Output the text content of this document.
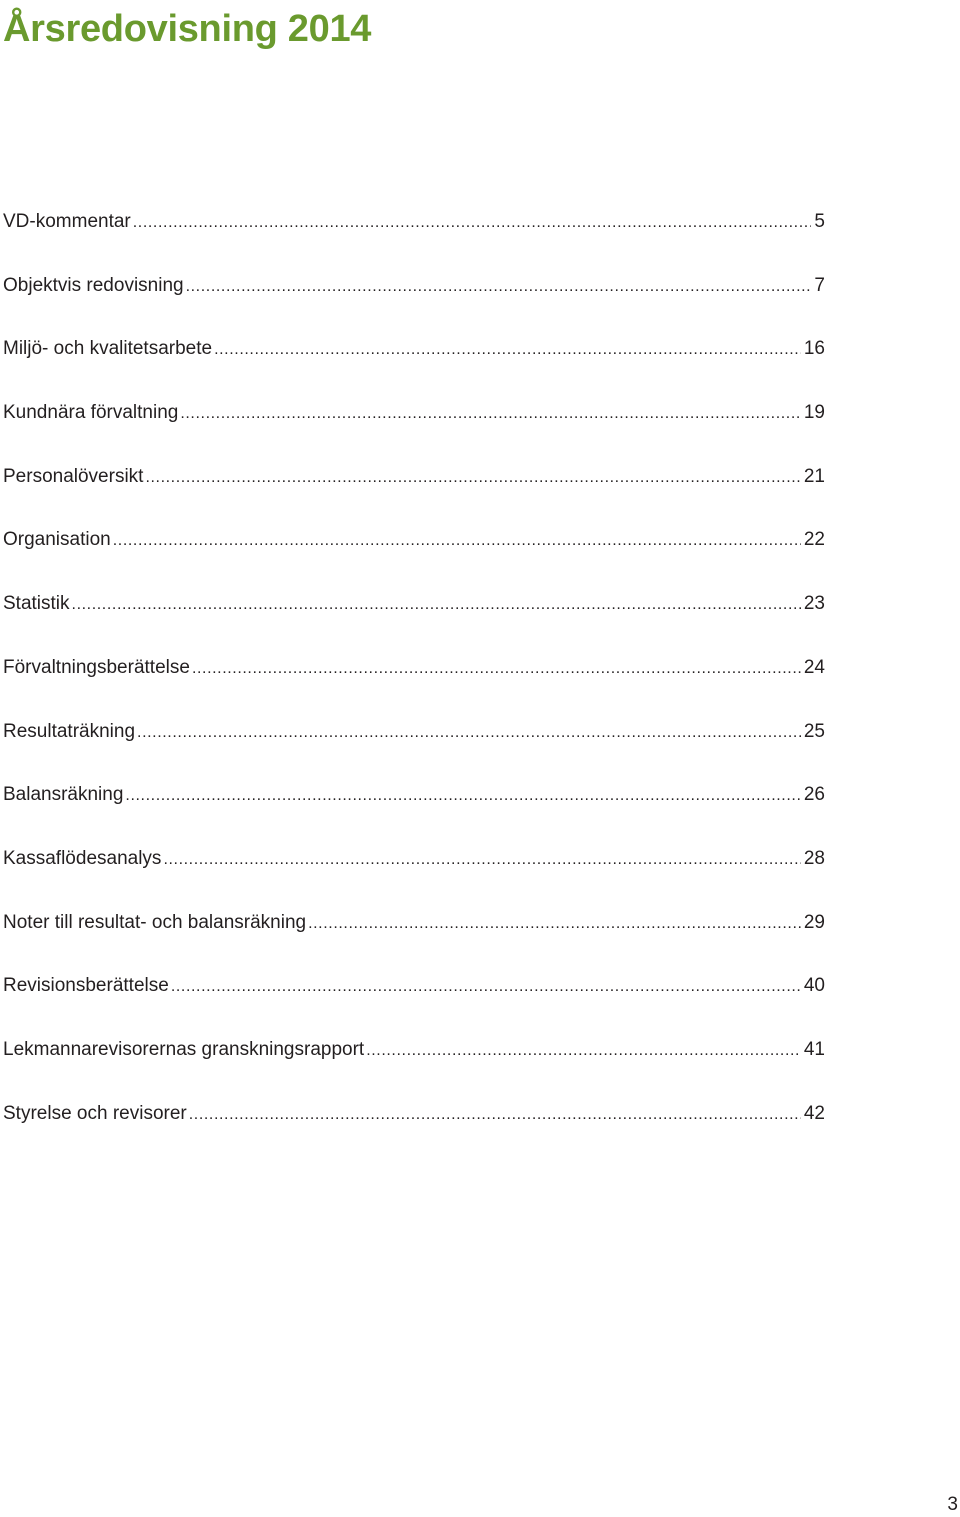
Årsredovisning 2014
VD-kommentar .....	5
Objektvis redovisning .....	7
Miljö- och kvalitetsarbete .....	16
Kundnära förvaltning .....	19
Personalöversikt .....	21
Organisation .....	22
Statistik .....	23
Förvaltningsberättelse .....	24
Resultaträkning .....	25
Balansräkning .....	26
Kassaflödesanalys .....	28
Noter till resultat- och balansräkning .....	29
Revisionsberättelse .....	40
Lekmannarevisorernas granskningsrapport .....	41
Styrelse och revisorer .....	42
3
